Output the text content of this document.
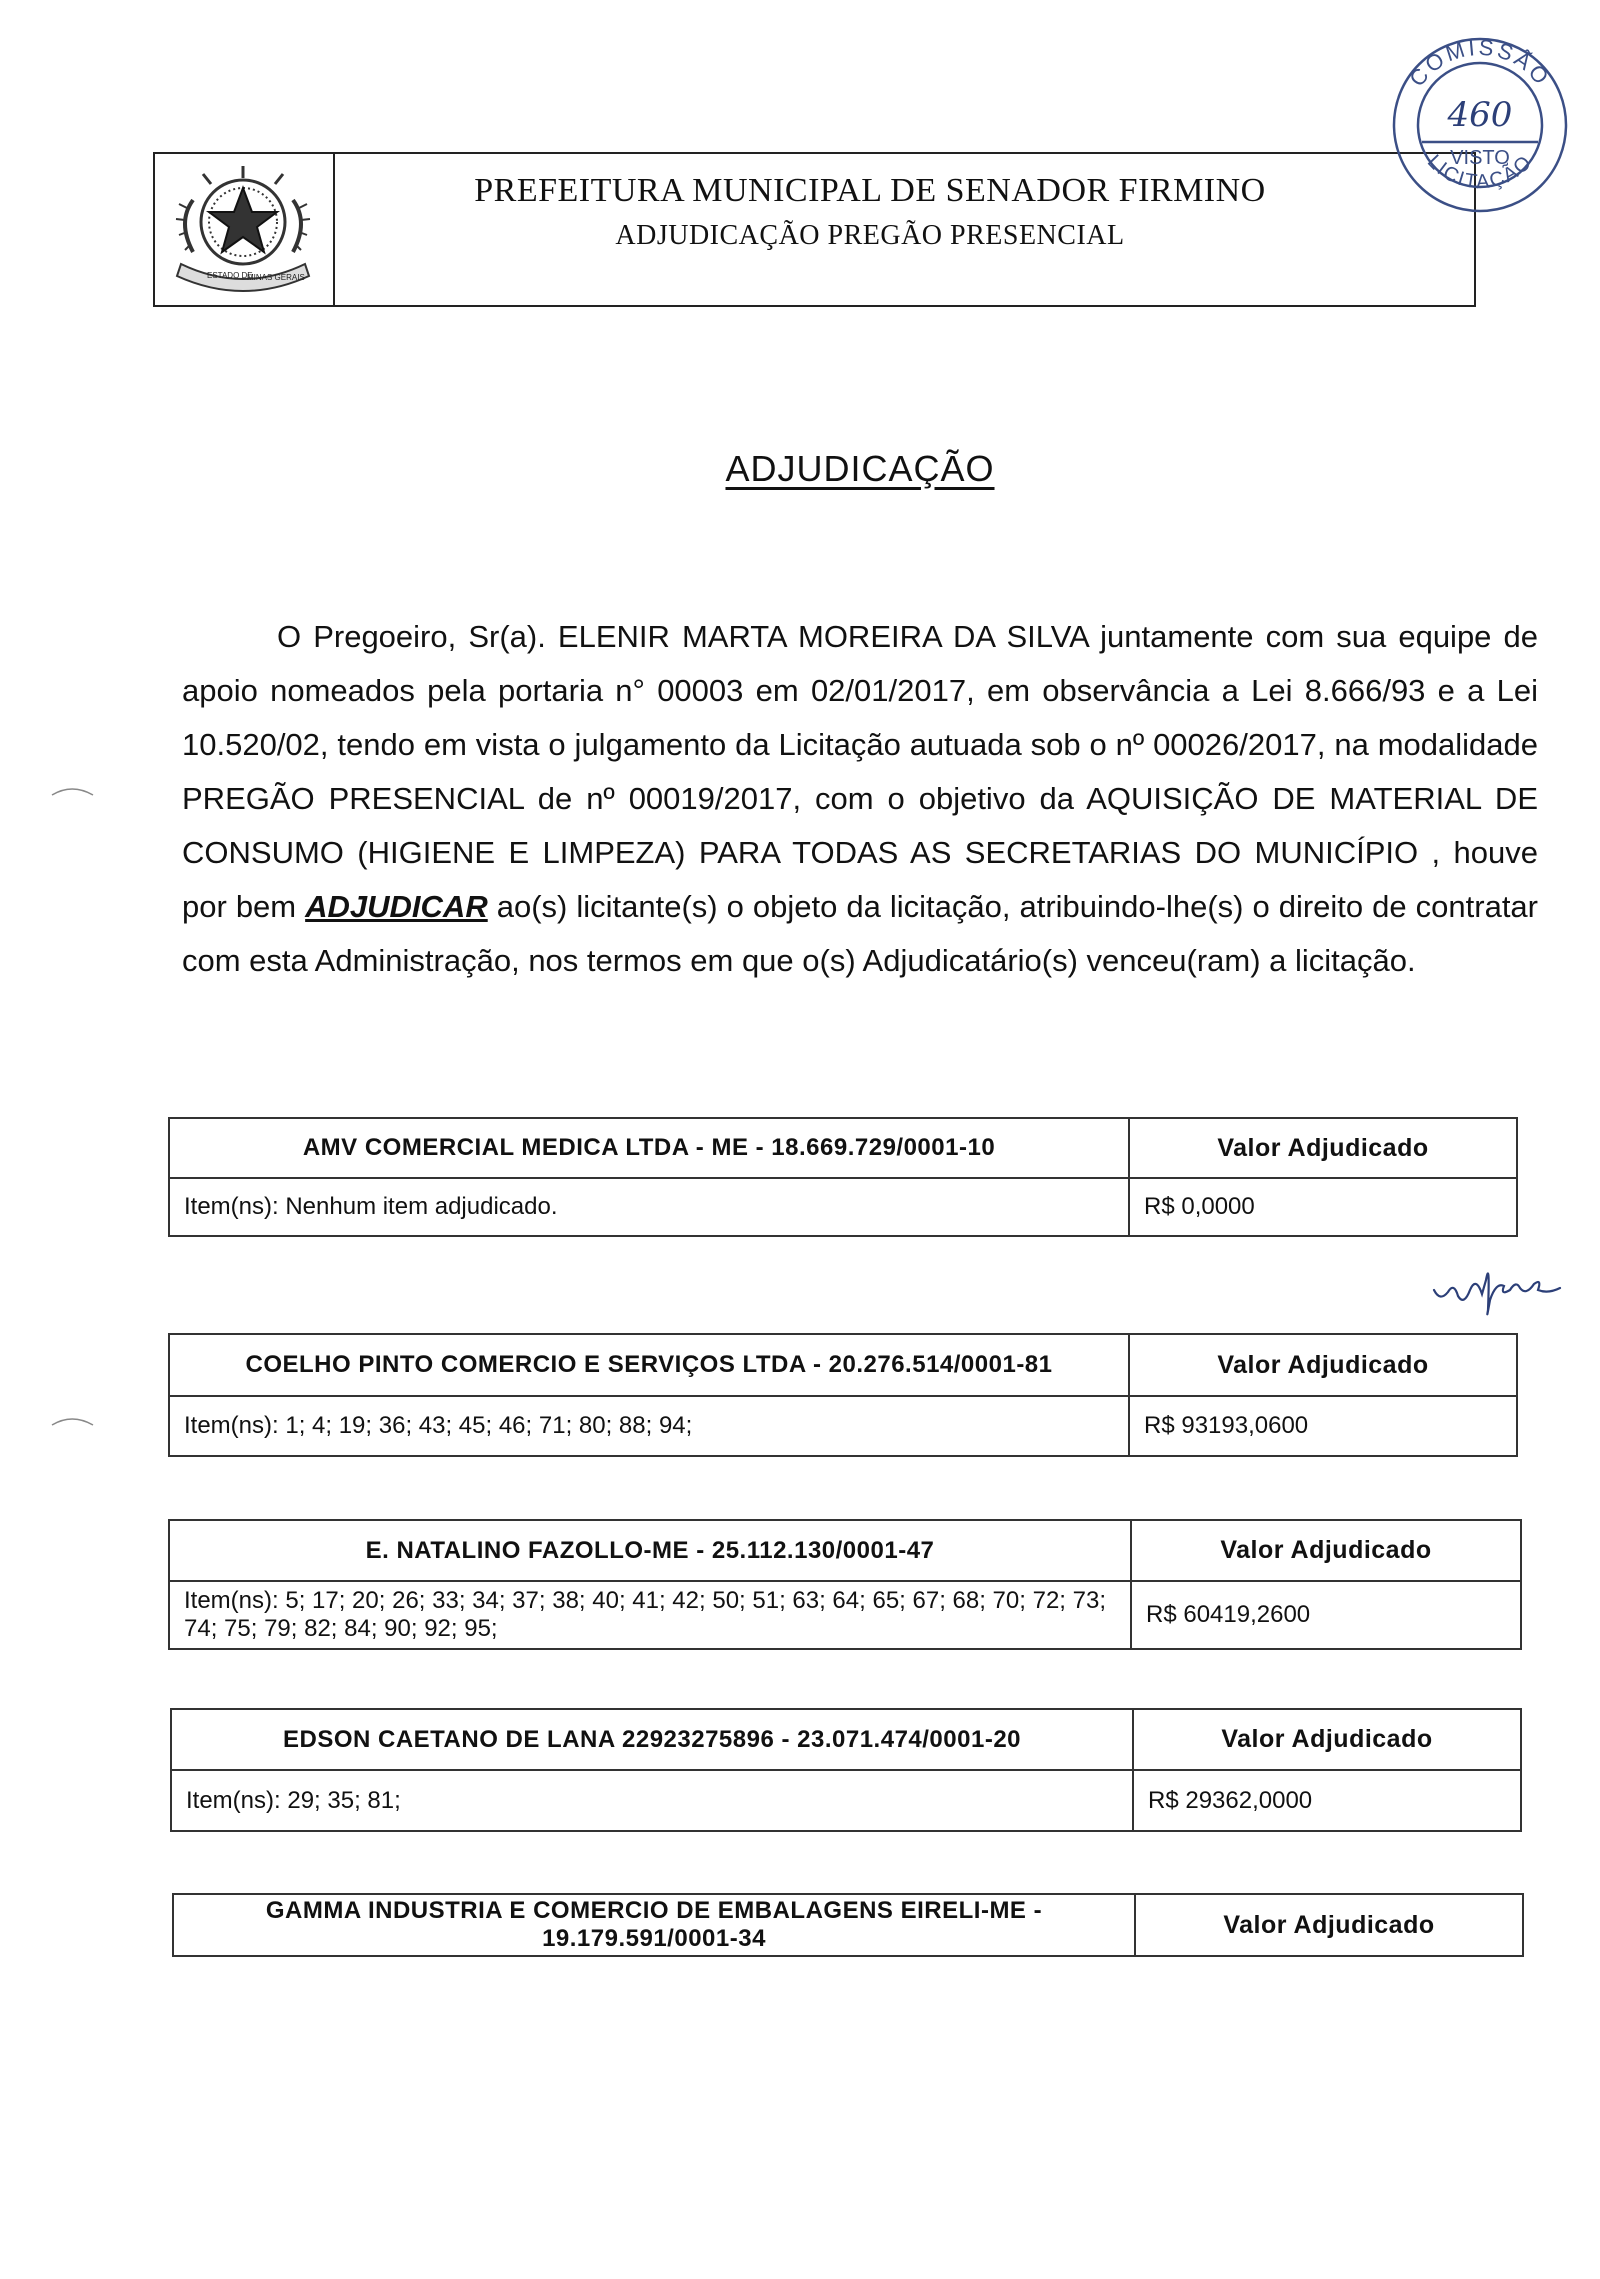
ESTADO DE
MINAS GERAIS
PREFEITURA MUNICIPAL DE SENADOR FIRMINO
ADJUDICAÇÃO PREGÃO PRESENCIAL
COMISSÃO
460
VISTO
LICITAÇÃO
ADJUDICAÇÃO
O Pregoeiro, Sr(a). ELENIR MARTA MOREIRA DA SILVA juntamente com sua equipe de apoio nomeados pela portaria n° 00003 em 02/01/2017, em observância a Lei 8.666/93 e a Lei 10.520/02, tendo em vista o julgamento da Licitação autuada sob o nº 00026/2017, na modalidade PREGÃO PRESENCIAL de nº 00019/2017, com o objetivo da AQUISIÇÃO DE MATERIAL DE CONSUMO (HIGIENE E LIMPEZA) PARA TODAS AS SECRETARIAS DO MUNICÍPIO , houve por bem ADJUDICAR ao(s) licitante(s) o objeto da licitação, atribuindo-lhe(s) o direito de contratar com esta Administração, nos termos em que o(s) Adjudicatário(s) venceu(ram) a licitação.
AMV COMERCIAL MEDICA LTDA - ME - 18.669.729/0001-10	Valor Adjudicado
Item(ns): Nenhum item adjudicado.	R$ 0,0000
COELHO PINTO COMERCIO E SERVIÇOS LTDA - 20.276.514/0001-81	Valor Adjudicado
Item(ns): 1; 4; 19; 36; 43; 45; 46; 71; 80; 88; 94;	R$ 93193,0600
E. NATALINO FAZOLLO-ME - 25.112.130/0001-47	Valor Adjudicado
Item(ns): 5; 17; 20; 26; 33; 34; 37; 38; 40; 41; 42; 50; 51; 63; 64; 65; 67; 68; 70; 72; 73; 74; 75; 79; 82; 84; 90; 92; 95;	R$ 60419,2600
EDSON CAETANO DE LANA 22923275896 - 23.071.474/0001-20	Valor Adjudicado
Item(ns): 29; 35; 81;	R$ 29362,0000
GAMMA INDUSTRIA E COMERCIO DE EMBALAGENS EIRELI-ME - 19.179.591/0001-34	Valor Adjudicado
